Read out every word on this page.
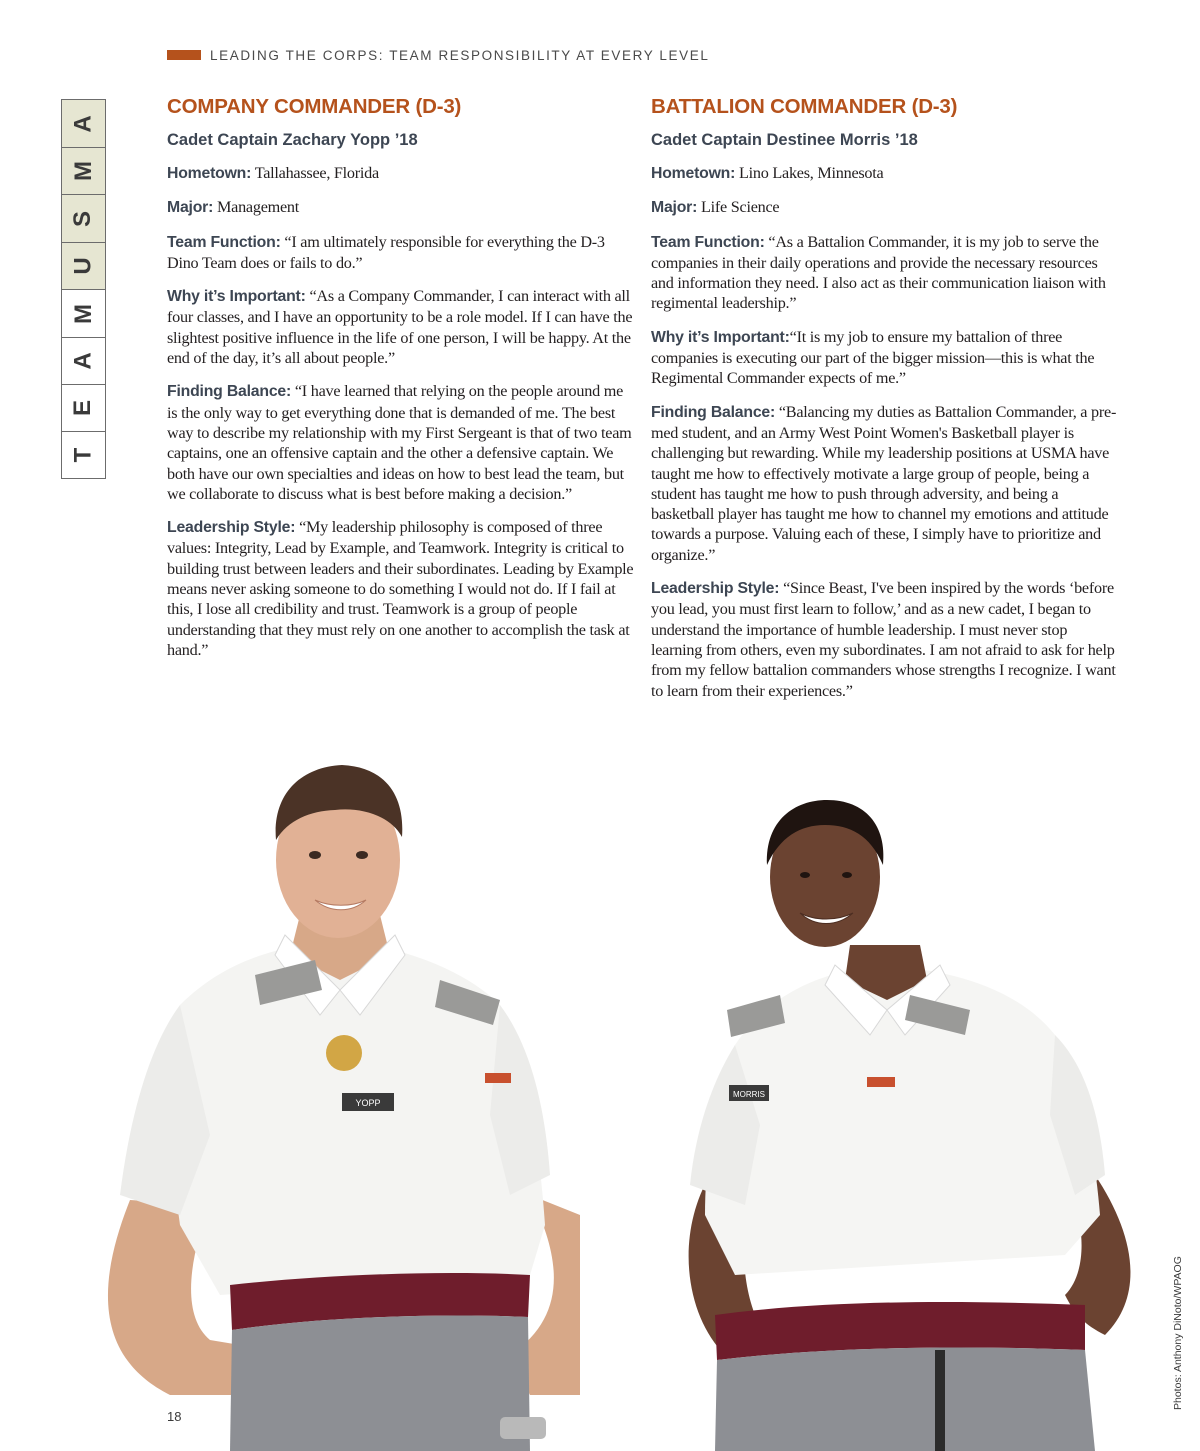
LEADING THE CORPS: TEAM RESPONSIBILITY AT EVERY LEVEL
T
E
A
M
U
S
M
A
COMPANY COMMANDER (D-3)
Cadet Captain Zachary Yopp ’18

Hometown: Tallahassee, Florida

Major: Management

Team Function: “I am ultimately responsible for everything the D-3 Dino Team does or fails to do.”

Why it’s Important: “As a Company Commander, I can interact with all four classes, and I have an opportunity to be a role model. If I can have the slightest positive influence in the life of one person, I will be happy. At the end of the day, it’s all about people.”

Finding Balance: “I have learned that relying on the people around me is the only way to get everything done that is demanded of me. The best way to describe my relationship with my First Sergeant is that of two team captains, one an offensive captain and the other a defensive captain. We both have our own specialties and ideas on how to best lead the team, but we collaborate to discuss what is best before making a decision.”

Leadership Style: “My leadership philosophy is composed of three values: Integrity, Lead by Example, and Teamwork. Integrity is critical to building trust between leaders and their subordinates. Leading by Example means never asking someone to do something I would not do. If I fail at this, I lose all credibility and trust. Teamwork is a group of people understanding that they must rely on one another to accomplish the task at hand.”

BATTALION COMMANDER (D-3)
Cadet Captain Destinee Morris ’18

Hometown: Lino Lakes, Minnesota

Major: Life Science

Team Function: “As a Battalion Commander, it is my job to serve the companies in their daily operations and provide the necessary resources and information they need. I also act as their communication liaison with regimental leadership.”

Why it’s Important:“It is my job to ensure my battalion of three companies is executing our part of the bigger mission—this is what the Regimental Commander expects of me.”

Finding Balance: “Balancing my duties as Battalion Commander, a pre-med student, and an Army West Point Women's Basketball player is challenging but rewarding. While my leadership positions at USMA have taught me how to effectively motivate a large group of people, being a student has taught me how to push through adversity, and being a basketball player has taught me how to channel my emotions and attitude towards a purpose. Valuing each of these, I simply have to prioritize and organize.”

Leadership Style: “Since Beast, I've been inspired by the words ‘before you lead, you must first learn to follow,’ and as a new cadet, I began to understand the importance of humble leadership. I must never stop learning from others, even my subordinates. I am not afraid to ask for help from my fellow battalion commanders whose strengths I recognize. I want to learn from their experiences.”

YOPP
MORRIS
18
Photos: Anthony DiNoto/WPAOG
